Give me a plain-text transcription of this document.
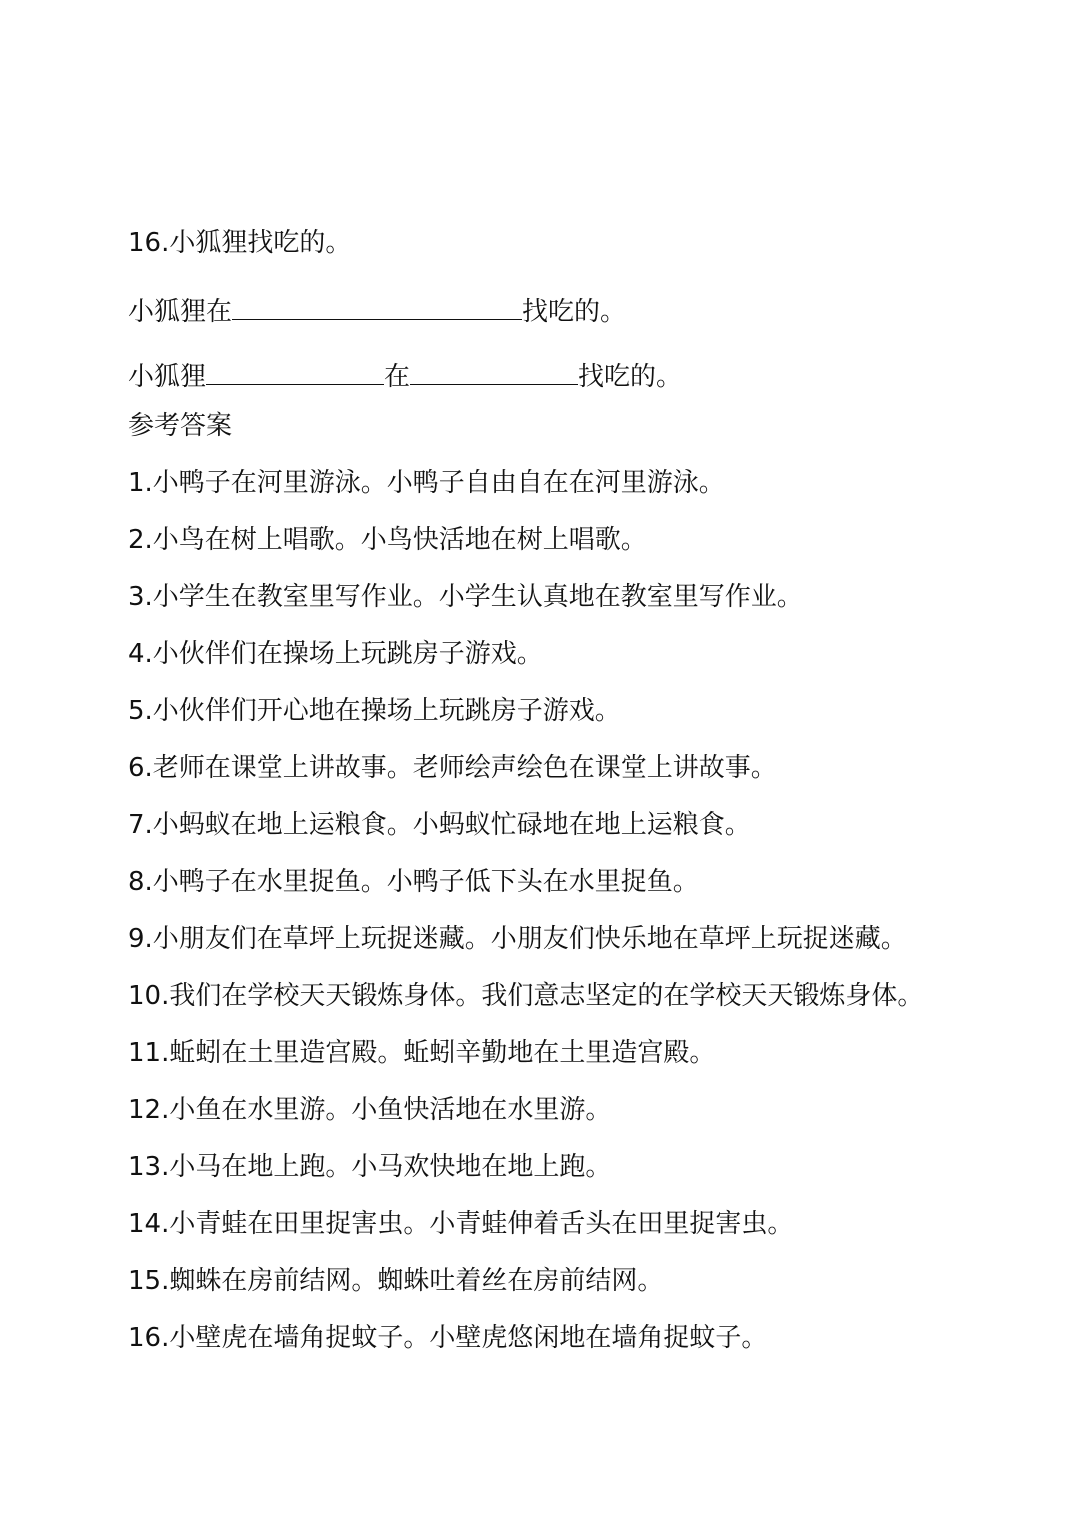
16.小狐狸找吃的。
小狐狸在	找吃的。
小狐狸	在	找吃的。
参考答案
1.小鸭子在河里游泳。小鸭子自由自在在河里游泳。
2.小鸟在树上唱歌。小鸟快活地在树上唱歌。
3.小学生在教室里写作业。小学生认真地在教室里写作业。
4.小伙伴们在操场上玩跳房子游戏。
5.小伙伴们开心地在操场上玩跳房子游戏。
6.老师在课堂上讲故事。老师绘声绘色在课堂上讲故事。
7.小蚂蚁在地上运粮食。小蚂蚁忙碌地在地上运粮食。
8.小鸭子在水里捉鱼。小鸭子低下头在水里捉鱼。
9.小朋友们在草坪上玩捉迷藏。小朋友们快乐地在草坪上玩捉迷藏。
10.我们在学校天天锻炼身体。我们意志坚定的在学校天天锻炼身体。
11.蚯蚓在土里造宫殿。蚯蚓辛勤地在土里造宫殿。
12.小鱼在水里游。小鱼快活地在水里游。
13.小马在地上跑。小马欢快地在地上跑。
14.小青蛙在田里捉害虫。小青蛙伸着舌头在田里捉害虫。
15.蜘蛛在房前结网。蜘蛛吐着丝在房前结网。
16.小壁虎在墙角捉蚊子。小壁虎悠闲地在墙角捉蚊子。
